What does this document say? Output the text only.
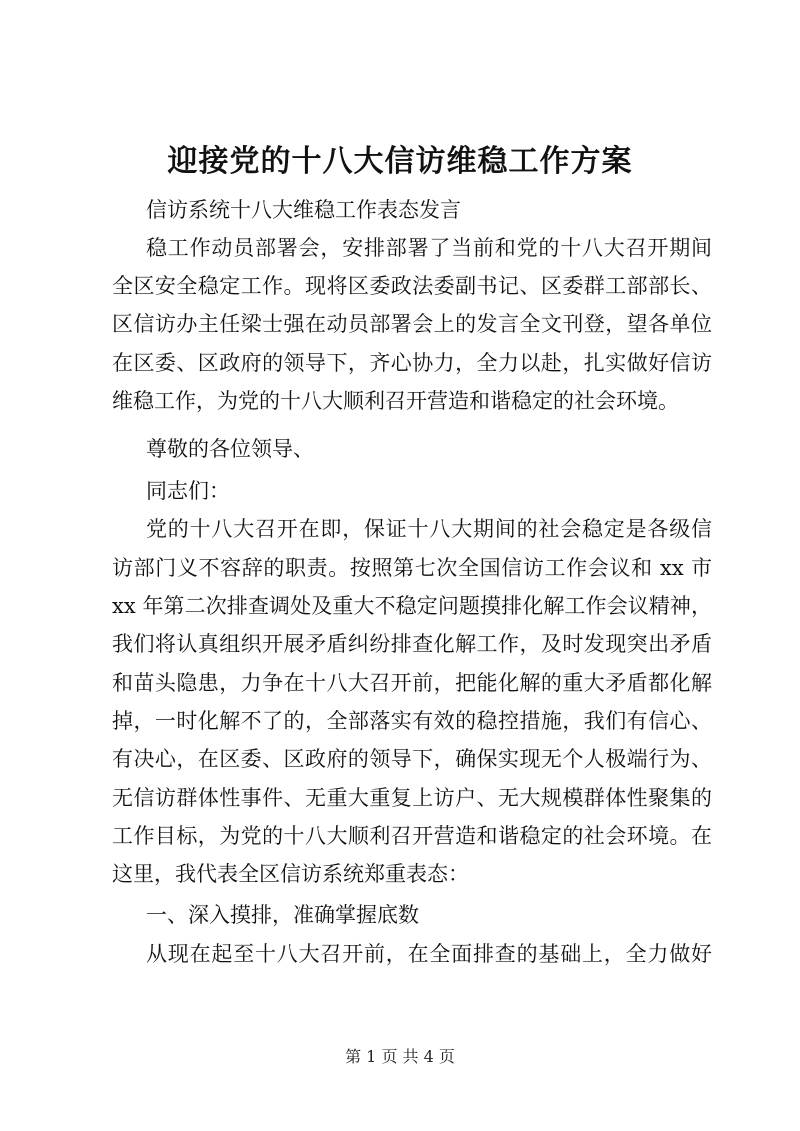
迎接党的十八大信访维稳工作方案
信访系统十八大维稳工作表态发言
稳工作动员部署会，安排部署了当前和党的十八大召开期间
全区安全稳定工作。现将区委政法委副书记、区委群工部部长、
区信访办主任梁士强在动员部署会上的发言全文刊登，望各单位
在区委、区政府的领导下，齐心协力，全力以赴，扎实做好信访
维稳工作，为党的十八大顺利召开营造和谐稳定的社会环境。
尊敬的各位领导、
同志们：
党的十八大召开在即，保证十八大期间的社会稳定是各级信
访部门义不容辞的职责。按照第七次全国信访工作会议和 xx 市
xx 年第二次排查调处及重大不稳定问题摸排化解工作会议精神，
我们将认真组织开展矛盾纠纷排查化解工作，及时发现突出矛盾
和苗头隐患，力争在十八大召开前，把能化解的重大矛盾都化解
掉，一时化解不了的，全部落实有效的稳控措施，我们有信心、
有决心，在区委、区政府的领导下，确保实现无个人极端行为、
无信访群体性事件、无重大重复上访户、无大规模群体性聚集的
工作目标，为党的十八大顺利召开营造和谐稳定的社会环境。在
这里，我代表全区信访系统郑重表态：
一、深入摸排，准确掌握底数
从现在起至十八大召开前，在全面排查的基础上，全力做好
第 1 页 共 4 页
